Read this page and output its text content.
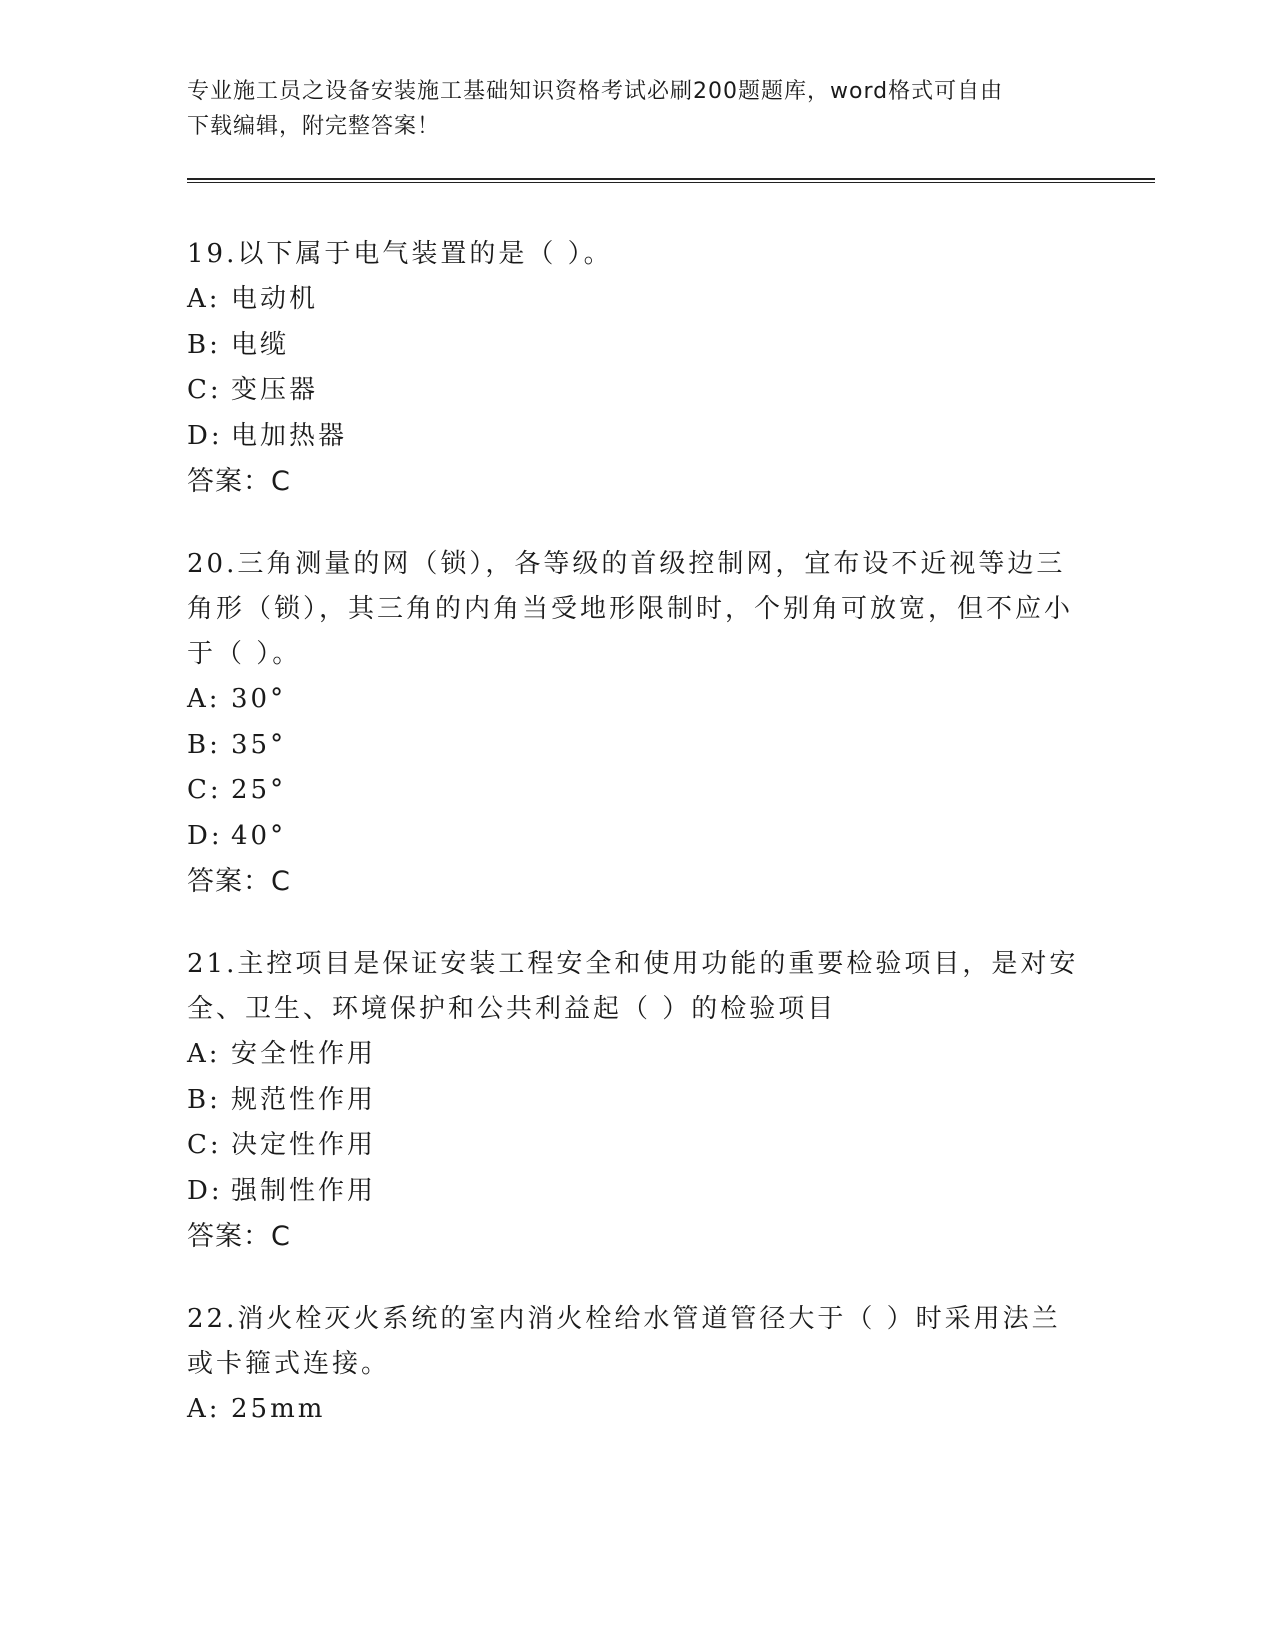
专业施工员之设备安装施工基础知识资格考试必刷200题题库，word格式可自由
下载编辑，附完整答案！
19.以下属于电气装置的是（ ）。
A: 电动机
B: 电缆
C: 变压器
D: 电加热器
答案：C
20.三角测量的网（锁），各等级的首级控制网，宜布设不近视等边三角形（锁），其三角的内角当受地形限制时，个别角可放宽，但不应小于（ ）。
A: 30°
B: 35°
C: 25°
D: 40°
答案：C
21.主控项目是保证安装工程安全和使用功能的重要检验项目，是对安全、卫生、环境保护和公共利益起（ ）的检验项目
A: 安全性作用
B: 规范性作用
C: 决定性作用
D: 强制性作用
答案：C
22.消火栓灭火系统的室内消火栓给水管道管径大于（ ）时采用法兰或卡箍式连接。
A: 25mm
